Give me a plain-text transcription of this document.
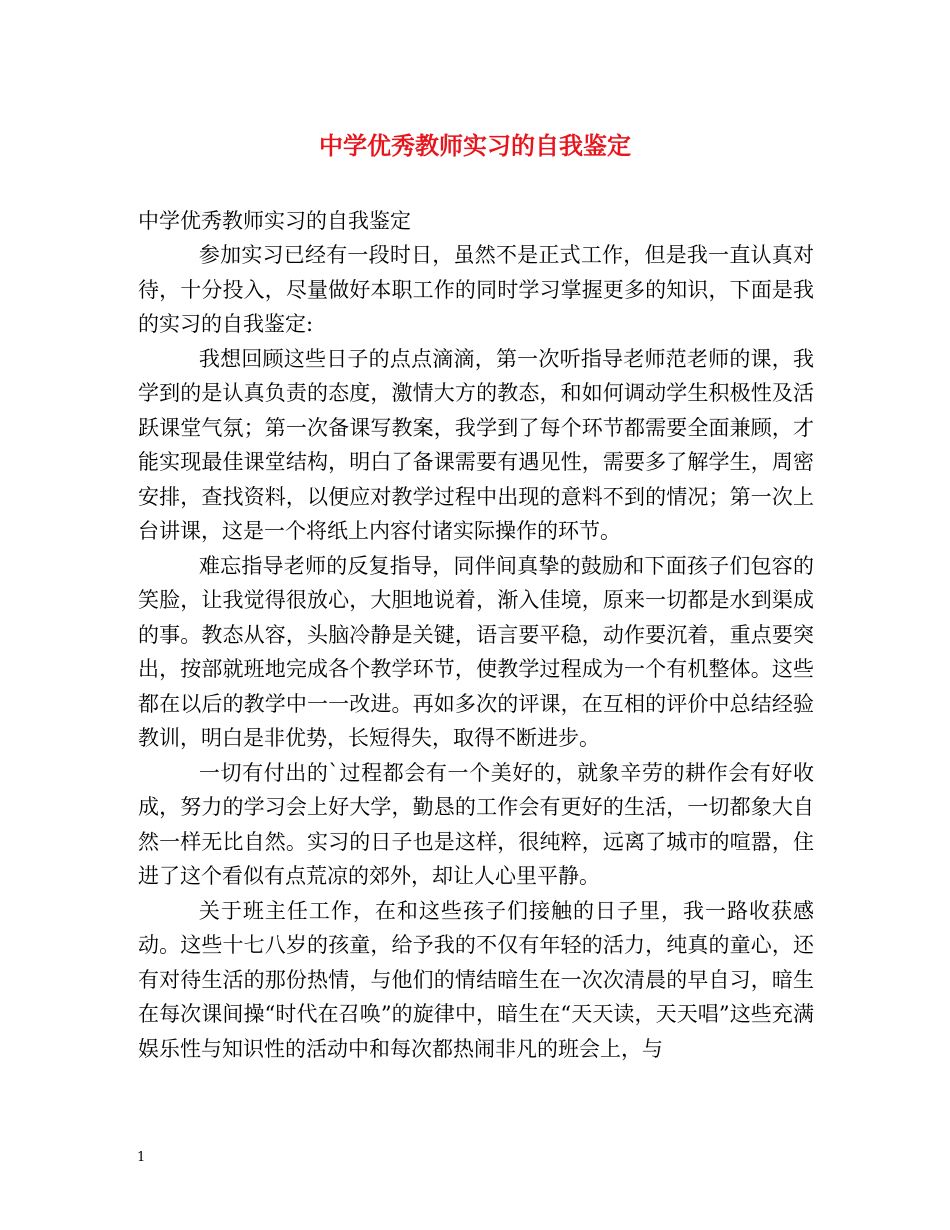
中学优秀教师实习的自我鉴定

中学优秀教师实习的自我鉴定

参加实习已经有一段时日，虽然不是正式工作，但是我一直认真对待，十分投入，尽量做好本职工作的同时学习掌握更多的知识，下面是我的实习的自我鉴定:

我想回顾这些日子的点点滴滴，第一次听指导老师范老师的课，我学到的是认真负责的态度，激情大方的教态，和如何调动学生积极性及活跃课堂气氛；第一次备课写教案，我学到了每个环节都需要全面兼顾，才能实现最佳课堂结构，明白了备课需要有遇见性，需要多了解学生，周密安排，查找资料，以便应对教学过程中出现的意料不到的情况；第一次上台讲课，这是一个将纸上内容付诸实际操作的环节。

难忘指导老师的反复指导，同伴间真挚的鼓励和下面孩子们包容的笑脸，让我觉得很放心，大胆地说着，渐入佳境，原来一切都是水到渠成的事。教态从容，头脑冷静是关键，语言要平稳，动作要沉着，重点要突出，按部就班地完成各个教学环节，使教学过程成为一个有机整体。这些都在以后的教学中一一改进。再如多次的评课，在互相的评价中总结经验教训，明白是非优势，长短得失，取得不断进步。

一切有付出的`过程都会有一个美好的，就象辛劳的耕作会有好收成，努力的学习会上好大学，勤恳的工作会有更好的生活，一切都象大自然一样无比自然。实习的日子也是这样，很纯粹，远离了城市的喧嚣，住进了这个看似有点荒凉的郊外，却让人心里平静。

关于班主任工作，在和这些孩子们接触的日子里，我一路收获感动。这些十七八岁的孩童，给予我的不仅有年轻的活力，纯真的童心，还有对待生活的那份热情，与他们的情结暗生在一次次清晨的早自习，暗生在每次课间操“时代在召唤”的旋律中，暗生在“天天读，天天唱”这些充满娱乐性与知识性的活动中和每次都热闹非凡的班会上，与

1
